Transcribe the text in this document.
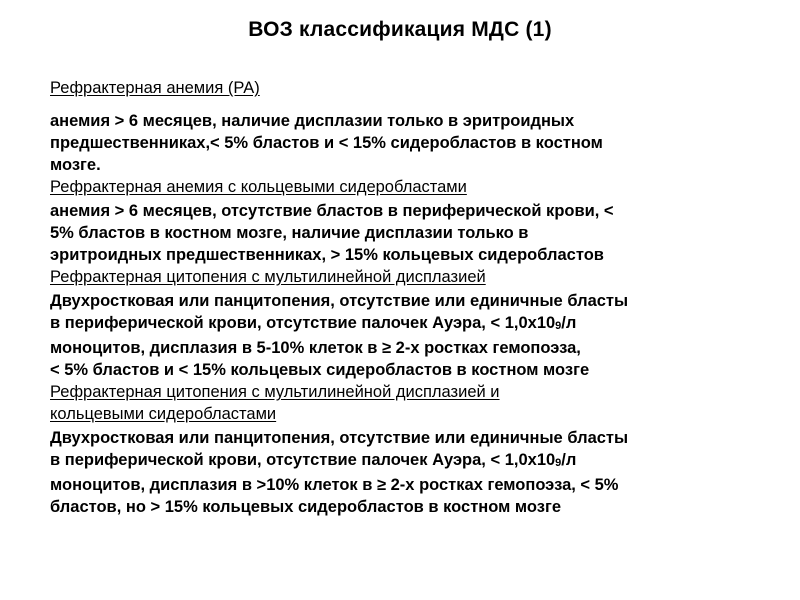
ВОЗ классификация МДС (1)

Рефрактерная анемия (РА)

анемия > 6 месяцев, наличие дисплазии только в эритроидных

предшественниках,< 5% бластов и < 15% сидеробластов в костном

мозге.

Рефрактерная анемия с кольцевыми сидеробластами

анемия > 6 месяцев, отсутствие бластов в периферической крови, <

5% бластов в костном мозге, наличие дисплазии только в

эритроидных предшественниках, > 15% кольцевых сидеробластов

Рефрактерная цитопения с мультилинейной дисплазией

Двухростковая или панцитопения, отсутствие или единичные бласты

в периферической крови, отсутствие палочек Ауэра, < 1,0х109/л

моноцитов, дисплазия в 5-10% клеток в ≥ 2-х ростках гемопоэза,

< 5% бластов и < 15% кольцевых сидеробластов в костном мозге

Рефрактерная цитопения с мультилинейной дисплазией и

кольцевыми сидеробластами

Двухростковая или панцитопения, отсутствие или единичные бласты

в периферической крови, отсутствие палочек Ауэра, < 1,0х109/л

моноцитов, дисплазия в >10% клеток в ≥ 2-х ростках гемопоэза, < 5%

бластов, но > 15% кольцевых сидеробластов в костном мозге
